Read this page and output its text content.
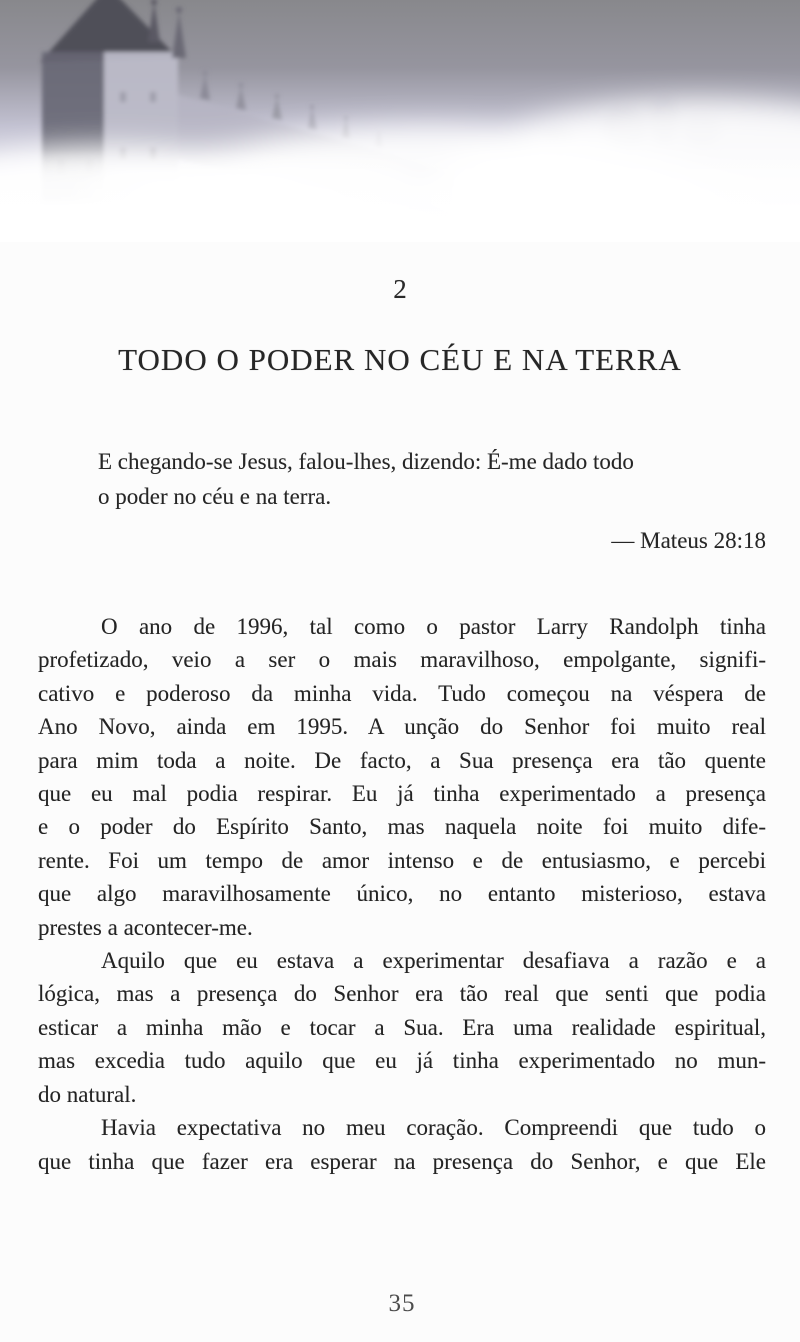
2
TODO O PODER NO CÉU E NA TERRA
E chegando-se Jesus, falou-lhes, dizendo: É-me dado todo
o poder no céu e na terra.
— Mateus 28:18
O ano de 1996, tal como o pastor Larry Randolph tinha
profetizado, veio a ser o mais maravilhoso, empolgante, signifi-
cativo e poderoso da minha vida. Tudo começou na véspera de
Ano Novo, ainda em 1995. A unção do Senhor foi muito real
para mim toda a noite. De facto, a Sua presença era tão quente
que eu mal podia respirar. Eu já tinha experimentado a presença
e o poder do Espírito Santo, mas naquela noite foi muito dife-
rente. Foi um tempo de amor intenso e de entusiasmo, e percebi
que algo maravilhosamente único, no entanto misterioso, estava
prestes a acontecer-me.
Aquilo que eu estava a experimentar desafiava a razão e a
lógica, mas a presença do Senhor era tão real que senti que podia
esticar a minha mão e tocar a Sua. Era uma realidade espiritual,
mas excedia tudo aquilo que eu já tinha experimentado no mun-
do natural.
Havia expectativa no meu coração. Compreendi que tudo o
que tinha que fazer era esperar na presença do Senhor, e que Ele
35
